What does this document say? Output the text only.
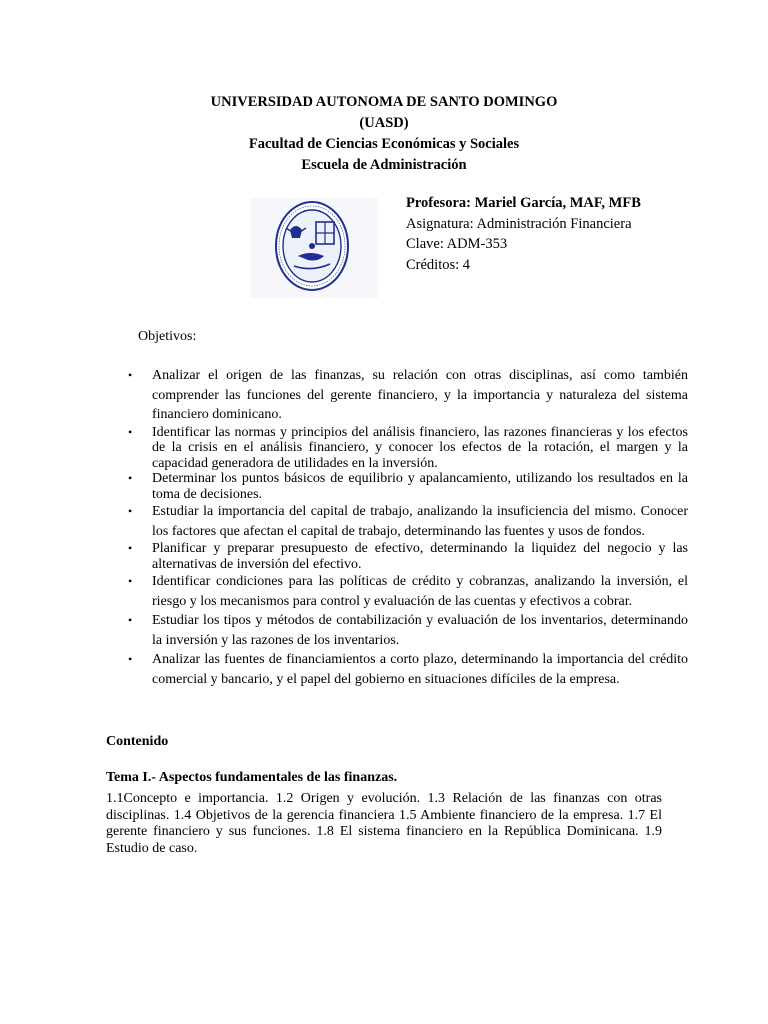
UNIVERSIDAD AUTONOMA DE SANTO DOMINGO
(UASD)
Facultad de Ciencias Económicas y Sociales
Escuela de Administración
Profesora: Mariel García, MAF, MFB
Asignatura: Administración Financiera
Clave: ADM-353
Créditos: 4
Objetivos:
• Analizar el origen de las finanzas, su relación con otras disciplinas, así como también comprender las funciones del gerente financiero, y la importancia y naturaleza del sistema financiero dominicano.
• Identificar las normas y principios del análisis financiero, las razones financieras y los efectos de la crisis en el análisis financiero, y conocer los efectos de la rotación, el margen y la capacidad generadora de utilidades en la inversión.
• Determinar los puntos básicos de equilibrio y apalancamiento, utilizando los resultados en la toma de decisiones.
• Estudiar la importancia del capital de trabajo, analizando la insuficiencia del mismo. Conocer los factores que afectan el capital de trabajo, determinando las fuentes y usos de fondos.
• Planificar y preparar presupuesto de efectivo, determinando la liquidez del negocio y las alternativas de inversión del efectivo.
• Identificar condiciones para las políticas de crédito y cobranzas, analizando la inversión, el riesgo y los mecanismos para control y evaluación de las cuentas y efectivos a cobrar.
• Estudiar los tipos y métodos de contabilización y evaluación de los inventarios, determinando la inversión y las razones de los inventarios.
• Analizar las fuentes de financiamientos a corto plazo, determinando la importancia del crédito comercial y bancario, y el papel del gobierno en situaciones difíciles de la empresa.
Contenido
Tema I.- Aspectos fundamentales de las finanzas.
1.1Concepto e importancia. 1.2 Origen y evolución. 1.3 Relación de las finanzas con otras disciplinas. 1.4 Objetivos de la gerencia financiera 1.5 Ambiente financiero de la empresa. 1.7 El gerente financiero y sus funciones. 1.8 El sistema financiero en la República Dominicana. 1.9 Estudio de caso.
